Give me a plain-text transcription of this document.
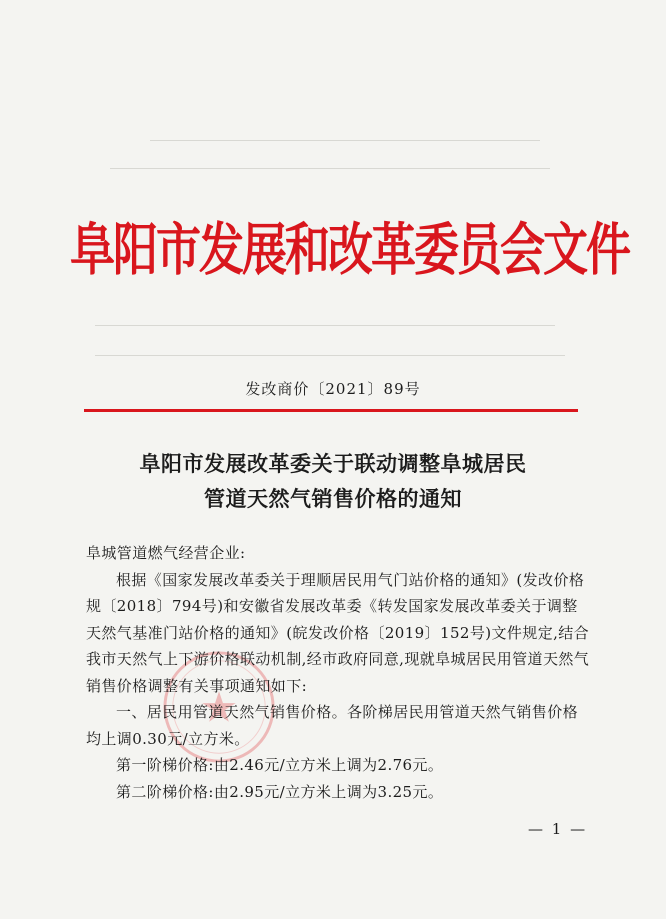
阜阳市发展和改革委员会文件
发改商价〔2021〕89号
阜阳市发展改革委关于联动调整阜城居民
管道天然气销售价格的通知

阜城管道燃气经营企业:

根据《国家发展改革委关于理顺居民用气门站价格的通知》(发改价格规〔2018〕794号)和安徽省发展改革委《转发国家发展改革委关于调整天然气基准门站价格的通知》(皖发改价格〔2019〕152号)文件规定,结合我市天然气上下游价格联动机制,经市政府同意,现就阜城居民用管道天然气销售价格调整有关事项通知如下:

一、居民用管道天然气销售价格。各阶梯居民用管道天然气销售价格均上调0.30元/立方米。

第一阶梯价格:由2.46元/立方米上调为2.76元。

第二阶梯价格:由2.95元/立方米上调为3.25元。

— 1 —
